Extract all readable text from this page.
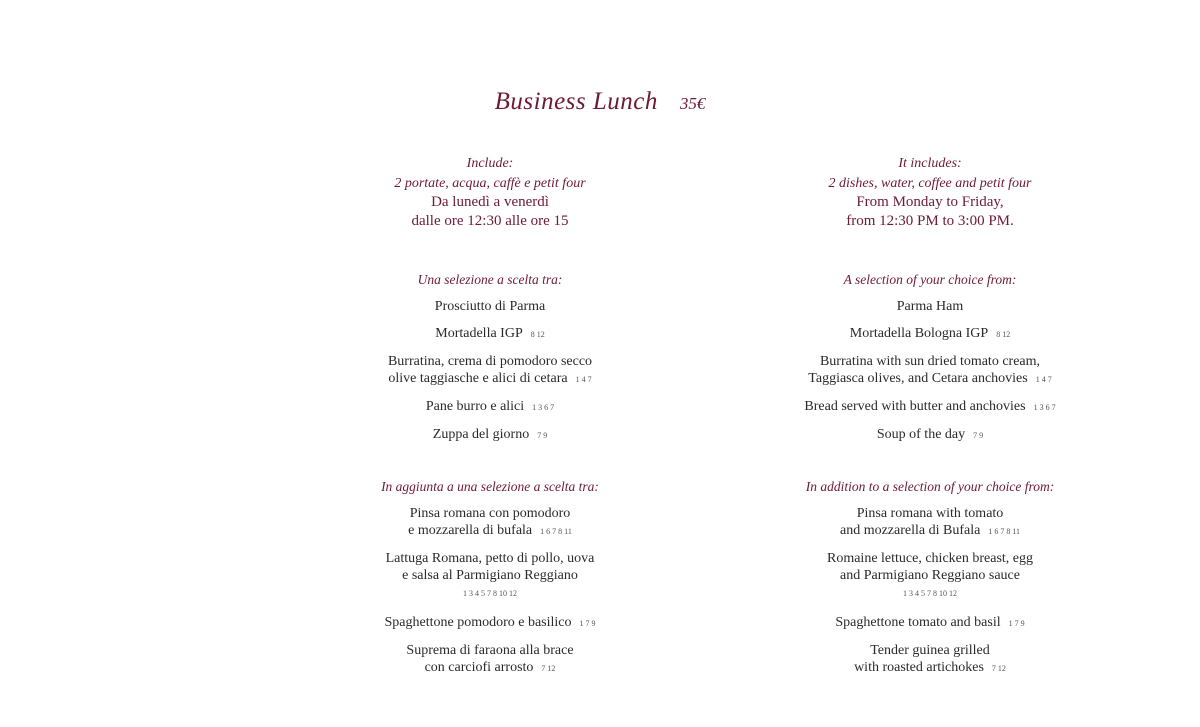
Business Lunch 35€
Include:
2 portate, acqua, caffè e petit four
Da lunedì a venerdì
dalle ore 12:30 alle ore 15
Una selezione a scelta tra:
Prosciutto di Parma
Mortadella IGP 8 12
Burratina, crema di pomodoro secco
olive taggiasche e alici di cetara 1 4 7
Pane burro e alici 1 3 6 7
Zuppa del giorno 7 9
In aggiunta a una selezione a scelta tra:
Pinsa romana con pomodoro
e mozzarella di bufala 1 6 7 8 11
Lattuga Romana, petto di pollo, uova
e salsa al Parmigiano Reggiano
1 3 4 5 7 8 10 12
Spaghettone pomodoro e basilico 1 7 9
Suprema di faraona alla brace
con carciofi arrosto 7 12
It includes:
2 dishes, water, coffee and petit four
From Monday to Friday,
from 12:30 PM to 3:00 PM.
A selection of your choice from:
Parma Ham
Mortadella Bologna IGP 8 12
Burratina with sun dried tomato cream,
Taggiasca olives, and Cetara anchovies 1 4 7
Bread served with butter and anchovies 1 3 6 7
Soup of the day 7 9
In addition to a selection of your choice from:
Pinsa romana with tomato
and mozzarella di Bufala 1 6 7 8 11
Romaine lettuce, chicken breast, egg
and Parmigiano Reggiano sauce
1 3 4 5 7 8 10 12
Spaghettone tomato and basil 1 7 9
Tender guinea grilled
with roasted artichokes 7 12
